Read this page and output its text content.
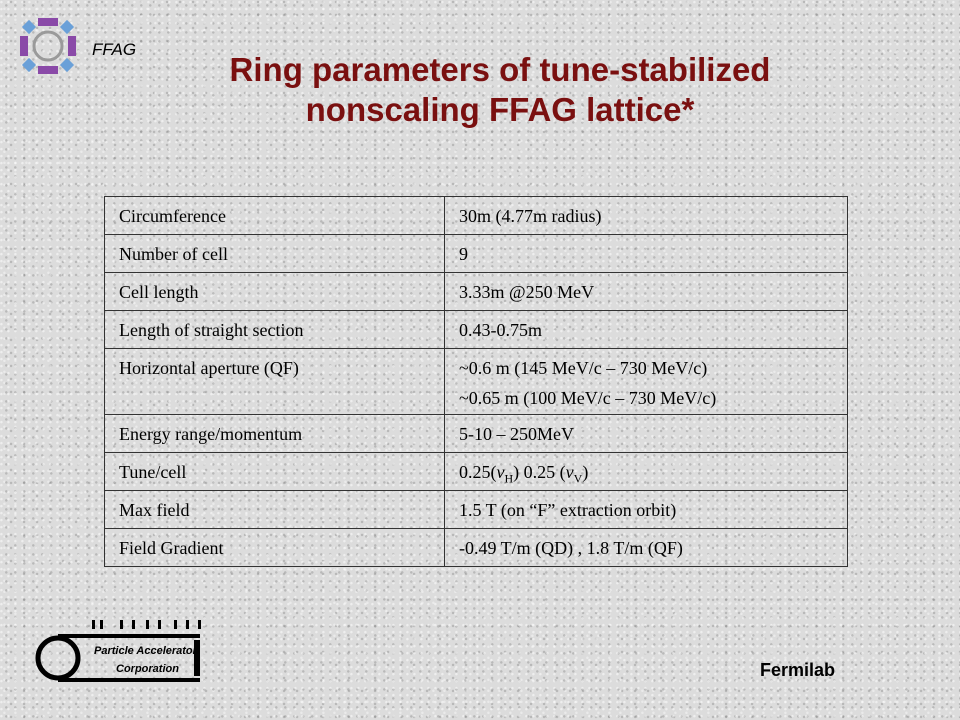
FFAG
Ring parameters of tune-stabilized
nonscaling FFAG lattice*
Circumference	30m (4.77m radius)
Number of cell	9
Cell length	3.33m @250 MeV
Length of straight section	0.43-0.75m
Horizontal aperture (QF)	~0.6 m (145 MeV/c – 730 MeV/c)
~0.65 m (100 MeV/c – 730 MeV/c)

Energy range/momentum	5-10 – 250MeV
Tune/cell	$0.25(\nu_H)$ 0.25 $(\nu_V)$
Max field	1.5 T (on “F” extraction orbit)
Field Gradient	-0.49 T/m (QD) , 1.8 T/m (QF)
Particle Accelerator
Corporation	Fermilab
